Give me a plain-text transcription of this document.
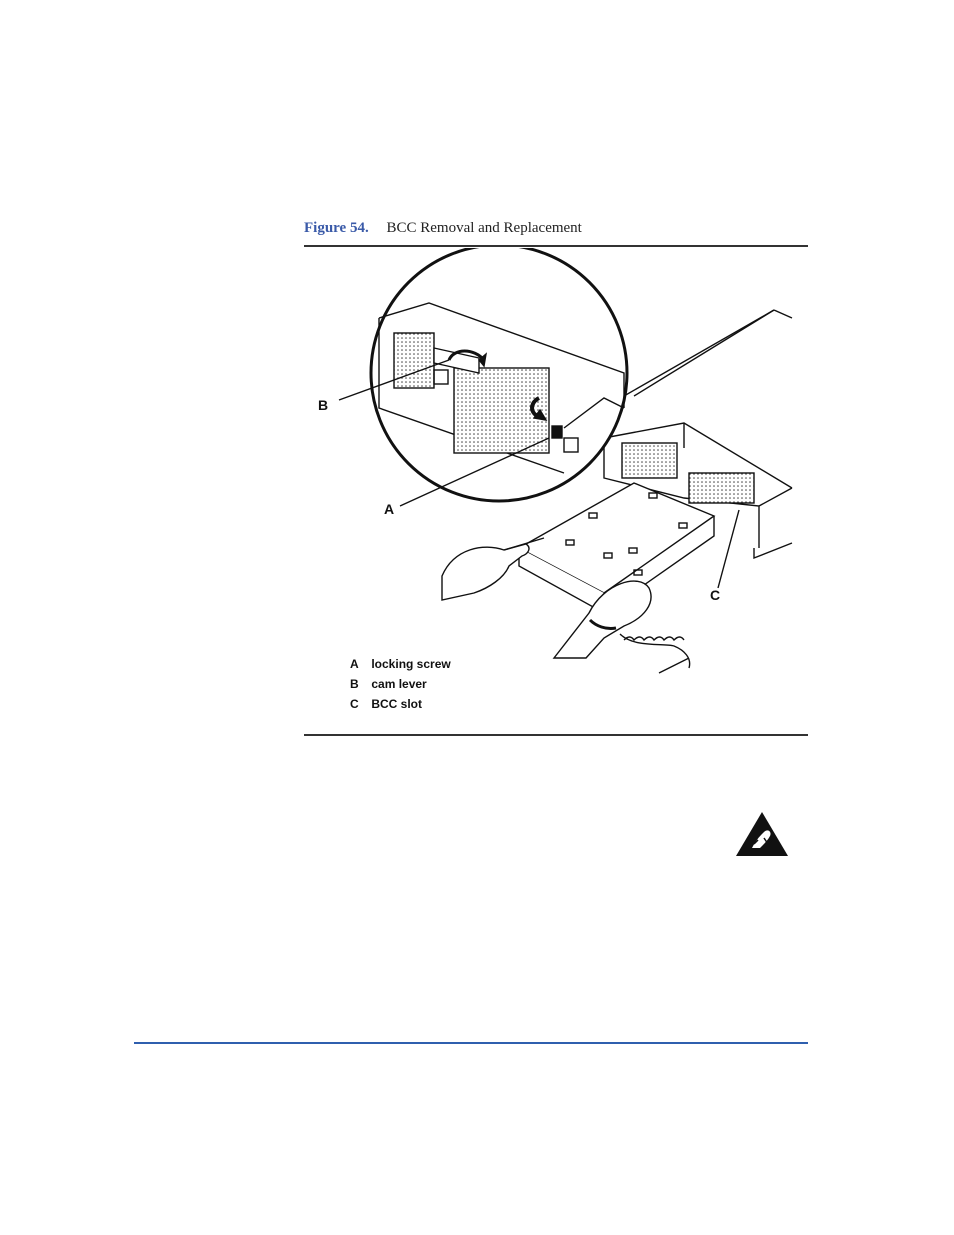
Figure 54. BCC Removal and Replacement
B
A
C
A locking screw
B cam lever
C BCC slot
